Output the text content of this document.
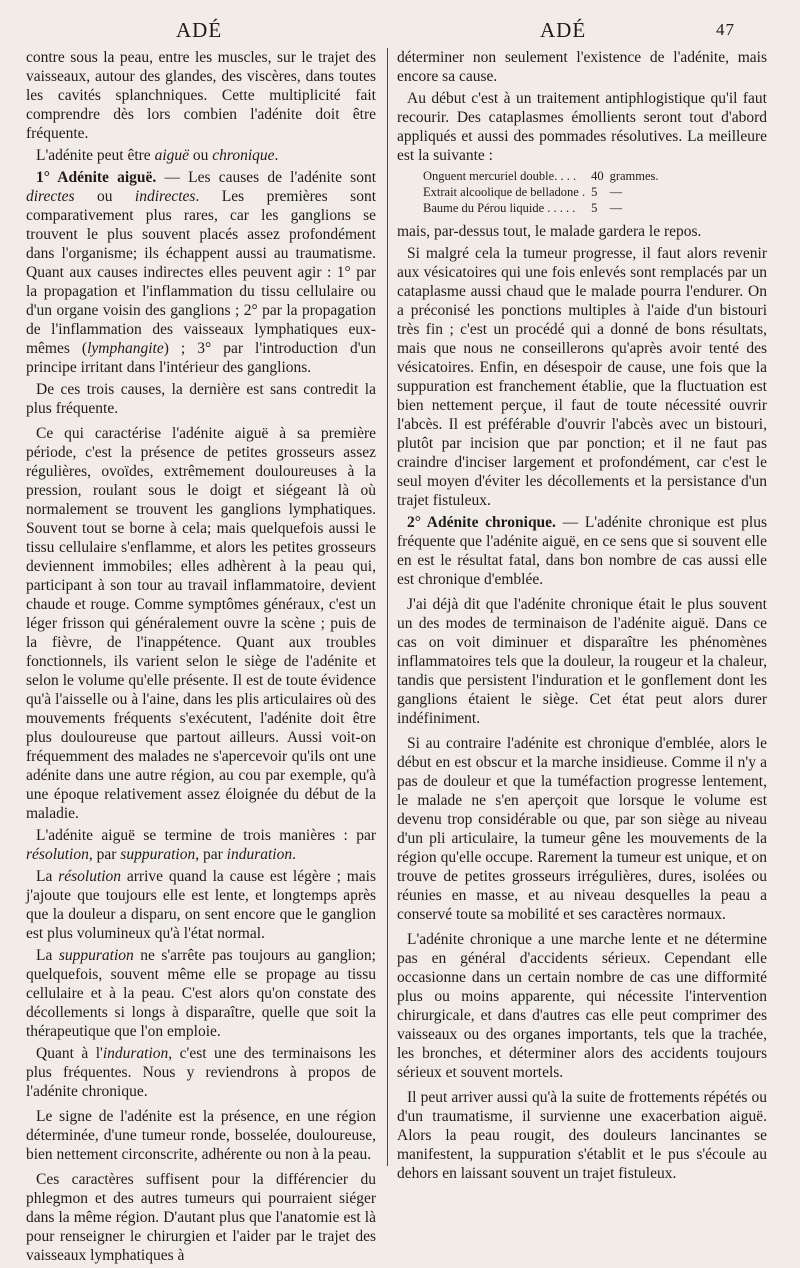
ADÉ	ADÉ	47

contre sous la peau, entre les muscles, sur le trajet des vaisseaux, autour des glandes, des viscères, dans toutes les cavités splanchniques. Cette multiplicité fait comprendre dès lors combien l'adénite doit être fréquente.

L'adénite peut être aiguë ou chronique.

1° Adénite aiguë. — Les causes de l'adénite sont directes ou indirectes. Les premières sont comparativement plus rares, car les ganglions se trouvent le plus souvent placés assez profondément dans l'organisme; ils échappent aussi au traumatisme. Quant aux causes indirectes elles peuvent agir : 1° par la propagation et l'inflammation du tissu cellulaire ou d'un organe voisin des ganglions ; 2° par la propagation de l'inflammation des vaisseaux lymphatiques eux-mêmes (lymphangite) ; 3° par l'introduction d'un principe irritant dans l'intérieur des ganglions.

De ces trois causes, la dernière est sans contredit la plus fréquente.

Ce qui caractérise l'adénite aiguë à sa première période, c'est la présence de petites grosseurs assez régulières, ovoïdes, extrêmement douloureuses à la pression, roulant sous le doigt et siégeant là où normalement se trouvent les ganglions lymphatiques. Souvent tout se borne à cela; mais quelquefois aussi le tissu cellulaire s'enflamme, et alors les petites grosseurs deviennent immobiles; elles adhèrent à la peau qui, participant à son tour au travail inflammatoire, devient chaude et rouge. Comme symptômes généraux, c'est un léger frisson qui généralement ouvre la scène ; puis de la fièvre, de l'inappétence. Quant aux troubles fonctionnels, ils varient selon le siège de l'adénite et selon le volume qu'elle présente. Il est de toute évidence qu'à l'aisselle ou à l'aine, dans les plis articulaires où des mouvements fréquents s'exécutent, l'adénite doit être plus douloureuse que partout ailleurs. Aussi voit-on fréquemment des malades ne s'apercevoir qu'ils ont une adénite dans une autre région, au cou par exemple, qu'à une époque relativement assez éloignée du début de la maladie.

L'adénite aiguë se termine de trois manières : par résolution, par suppuration, par induration.

La résolution arrive quand la cause est légère ; mais j'ajoute que toujours elle est lente, et longtemps après que la douleur a disparu, on sent encore que le ganglion est plus volumineux qu'à l'état normal.

La suppuration ne s'arrête pas toujours au ganglion; quelquefois, souvent même elle se propage au tissu cellulaire et à la peau. C'est alors qu'on constate des décollements si longs à disparaître, quelle que soit la thérapeutique que l'on emploie.

Quant à l'induration, c'est une des terminaisons les plus fréquentes. Nous y reviendrons à propos de l'adénite chronique.

Le signe de l'adénite est la présence, en une région déterminée, d'une tumeur ronde, bosselée, douloureuse, bien nettement circonscrite, adhérente ou non à la peau.

Ces caractères suffisent pour la différencier du phlegmon et des autres tumeurs qui pourraient siéger dans la même région. D'autant plus que l'anatomie est là pour renseigner le chirurgien et l'aider par le trajet des vaisseaux lymphatiques à

déterminer non seulement l'existence de l'adénite, mais encore sa cause.

Au début c'est à un traitement antiphlogistique qu'il faut recourir. Des cataplasmes émollients seront tout d'abord appliqués et aussi des pommades résolutives. La meilleure est la suivante :

Onguent mercuriel double. . . .	40	grammes.
Extrait alcoolique de belladone .	5	—
Baume du Pérou liquide . . . . .	5	—

mais, par-dessus tout, le malade gardera le repos.

Si malgré cela la tumeur progresse, il faut alors revenir aux vésicatoires qui une fois enlevés sont remplacés par un cataplasme aussi chaud que le malade pourra l'endurer. On a préconisé les ponctions multiples à l'aide d'un bistouri très fin ; c'est un procédé qui a donné de bons résultats, mais que nous ne conseillerons qu'après avoir tenté des vésicatoires. Enfin, en désespoir de cause, une fois que la suppuration est franchement établie, que la fluctuation est bien nettement perçue, il faut de toute nécessité ouvrir l'abcès. Il est préférable d'ouvrir l'abcès avec un bistouri, plutôt par incision que par ponction; et il ne faut pas craindre d'inciser largement et profondément, car c'est le seul moyen d'éviter les décollements et la persistance d'un trajet fistuleux.

2° Adénite chronique. — L'adénite chronique est plus fréquente que l'adénite aiguë, en ce sens que si souvent elle en est le résultat fatal, dans bon nombre de cas aussi elle est chronique d'emblée.

J'ai déjà dit que l'adénite chronique était le plus souvent un des modes de terminaison de l'adénite aiguë. Dans ce cas on voit diminuer et disparaître les phénomènes inflammatoires tels que la douleur, la rougeur et la chaleur, tandis que persistent l'induration et le gonflement dont les ganglions étaient le siège. Cet état peut alors durer indéfiniment.

Si au contraire l'adénite est chronique d'emblée, alors le début en est obscur et la marche insidieuse. Comme il n'y a pas de douleur et que la tuméfaction progresse lentement, le malade ne s'en aperçoit que lorsque le volume est devenu trop considérable ou que, par son siège au niveau d'un pli articulaire, la tumeur gêne les mouvements de la région qu'elle occupe. Rarement la tumeur est unique, et on trouve de petites grosseurs irrégulières, dures, isolées ou réunies en masse, et au niveau desquelles la peau a conservé toute sa mobilité et ses caractères normaux.

L'adénite chronique a une marche lente et ne détermine pas en général d'accidents sérieux. Cependant elle occasionne dans un certain nombre de cas une difformité plus ou moins apparente, qui nécessite l'intervention chirurgicale, et dans d'autres cas elle peut comprimer des vaisseaux ou des organes importants, tels que la trachée, les bronches, et déterminer alors des accidents toujours sérieux et souvent mortels.

Il peut arriver aussi qu'à la suite de frottements répétés ou d'un traumatisme, il survienne une exacerbation aiguë. Alors la peau rougit, des douleurs lancinantes se manifestent, la suppuration s'établit et le pus s'écoule au dehors en laissant souvent un trajet fistuleux.
